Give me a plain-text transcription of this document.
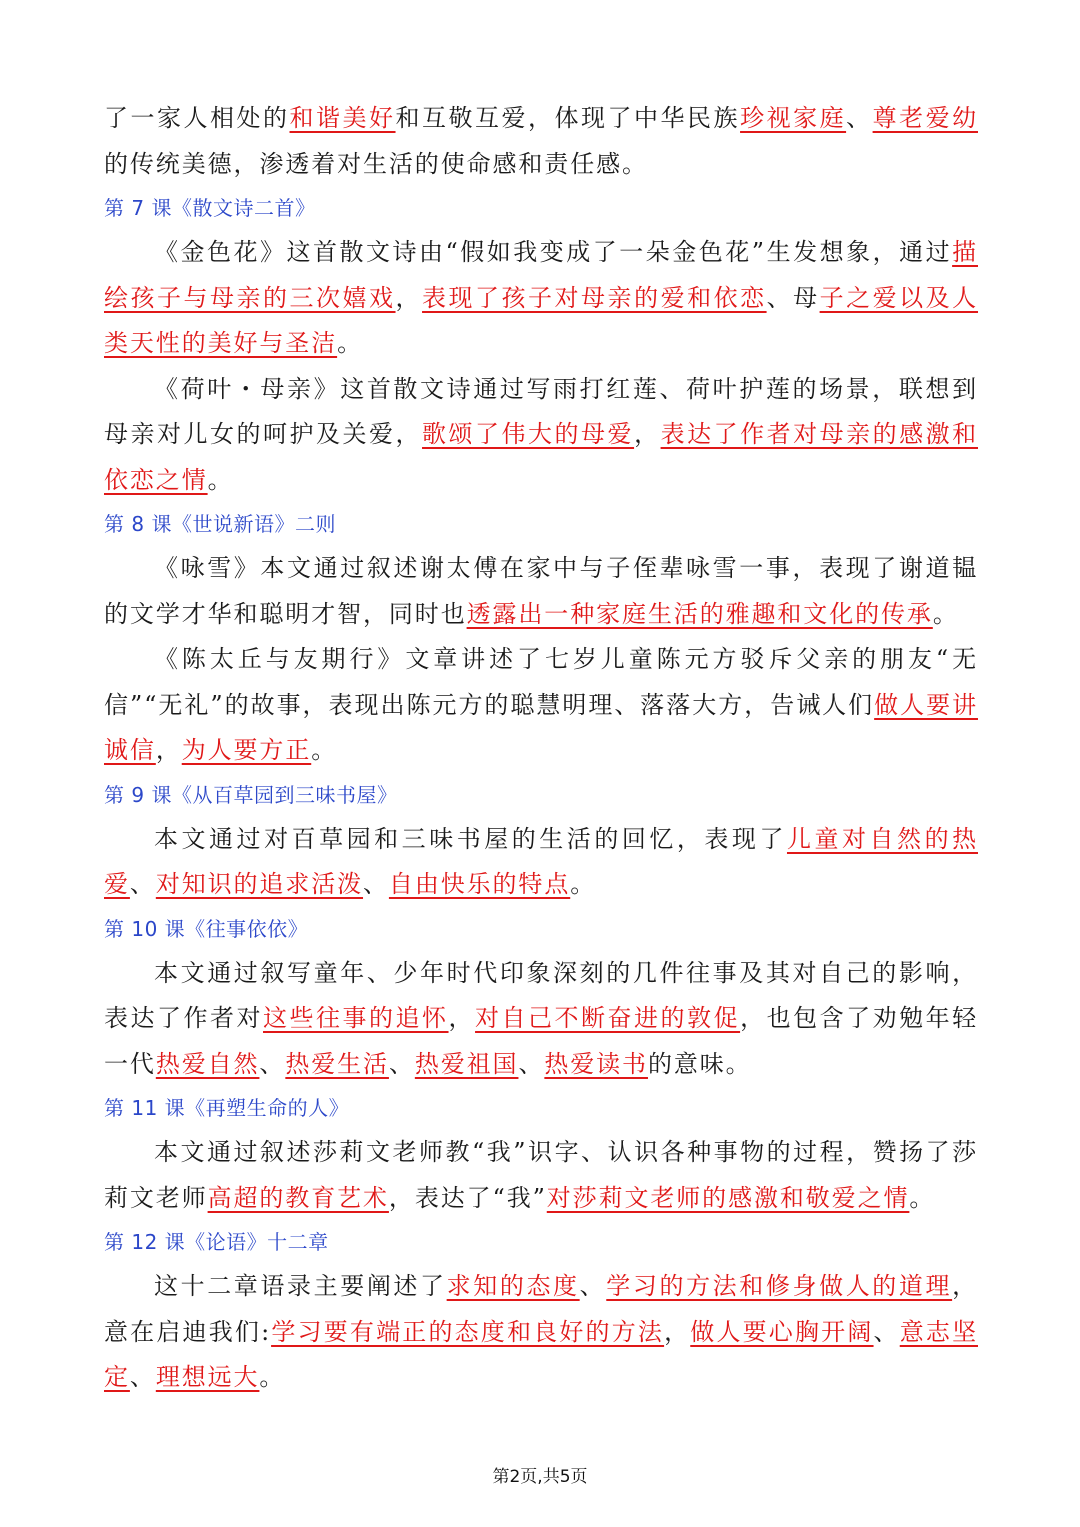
了一家人相处的和谐美好和互敬互爱，体现了中华民族珍视家庭、尊老爱幼的传统美德，渗透着对生活的使命感和责任感。

第 7 课《散文诗二首》

《金色花》这首散文诗由“假如我变成了一朵金色花”生发想象，通过描绘孩子与母亲的三次嬉戏，表现了孩子对母亲的爱和依恋、母子之爱以及人类天性的美好与圣洁。

《荷叶・母亲》这首散文诗通过写雨打红莲、荷叶护莲的场景，联想到母亲对儿女的呵护及关爱，歌颂了伟大的母爱，表达了作者对母亲的感激和依恋之情。

第 8 课《世说新语》二则

《咏雪》本文通过叙述谢太傅在家中与子侄辈咏雪一事，表现了谢道韫的文学才华和聪明才智，同时也透露出一种家庭生活的雅趣和文化的传承。

《陈太丘与友期行》文章讲述了七岁儿童陈元方驳斥父亲的朋友“无信”“无礼”的故事，表现出陈元方的聪慧明理、落落大方，告诫人们做人要讲诚信，为人要方正。

第 9 课《从百草园到三味书屋》

本文通过对百草园和三味书屋的生活的回忆，表现了儿童对自然的热爱、对知识的追求活泼、自由快乐的特点。

第 10 课《往事依依》

本文通过叙写童年、少年时代印象深刻的几件往事及其对自己的影响，表达了作者对这些往事的追怀，对自己不断奋进的敦促，也包含了劝勉年轻一代热爱自然、热爱生活、热爱祖国、热爱读书的意味。

第 11 课《再塑生命的人》

本文通过叙述莎莉文老师教“我”识字、认识各种事物的过程，赞扬了莎莉文老师高超的教育艺术，表达了“我”对莎莉文老师的感激和敬爱之情。

第 12 课《论语》十二章

这十二章语录主要阐述了求知的态度、学习的方法和修身做人的道理，意在启迪我们:学习要有端正的态度和良好的方法，做人要心胸开阔、意志坚定、理想远大。

第2页,共5页
